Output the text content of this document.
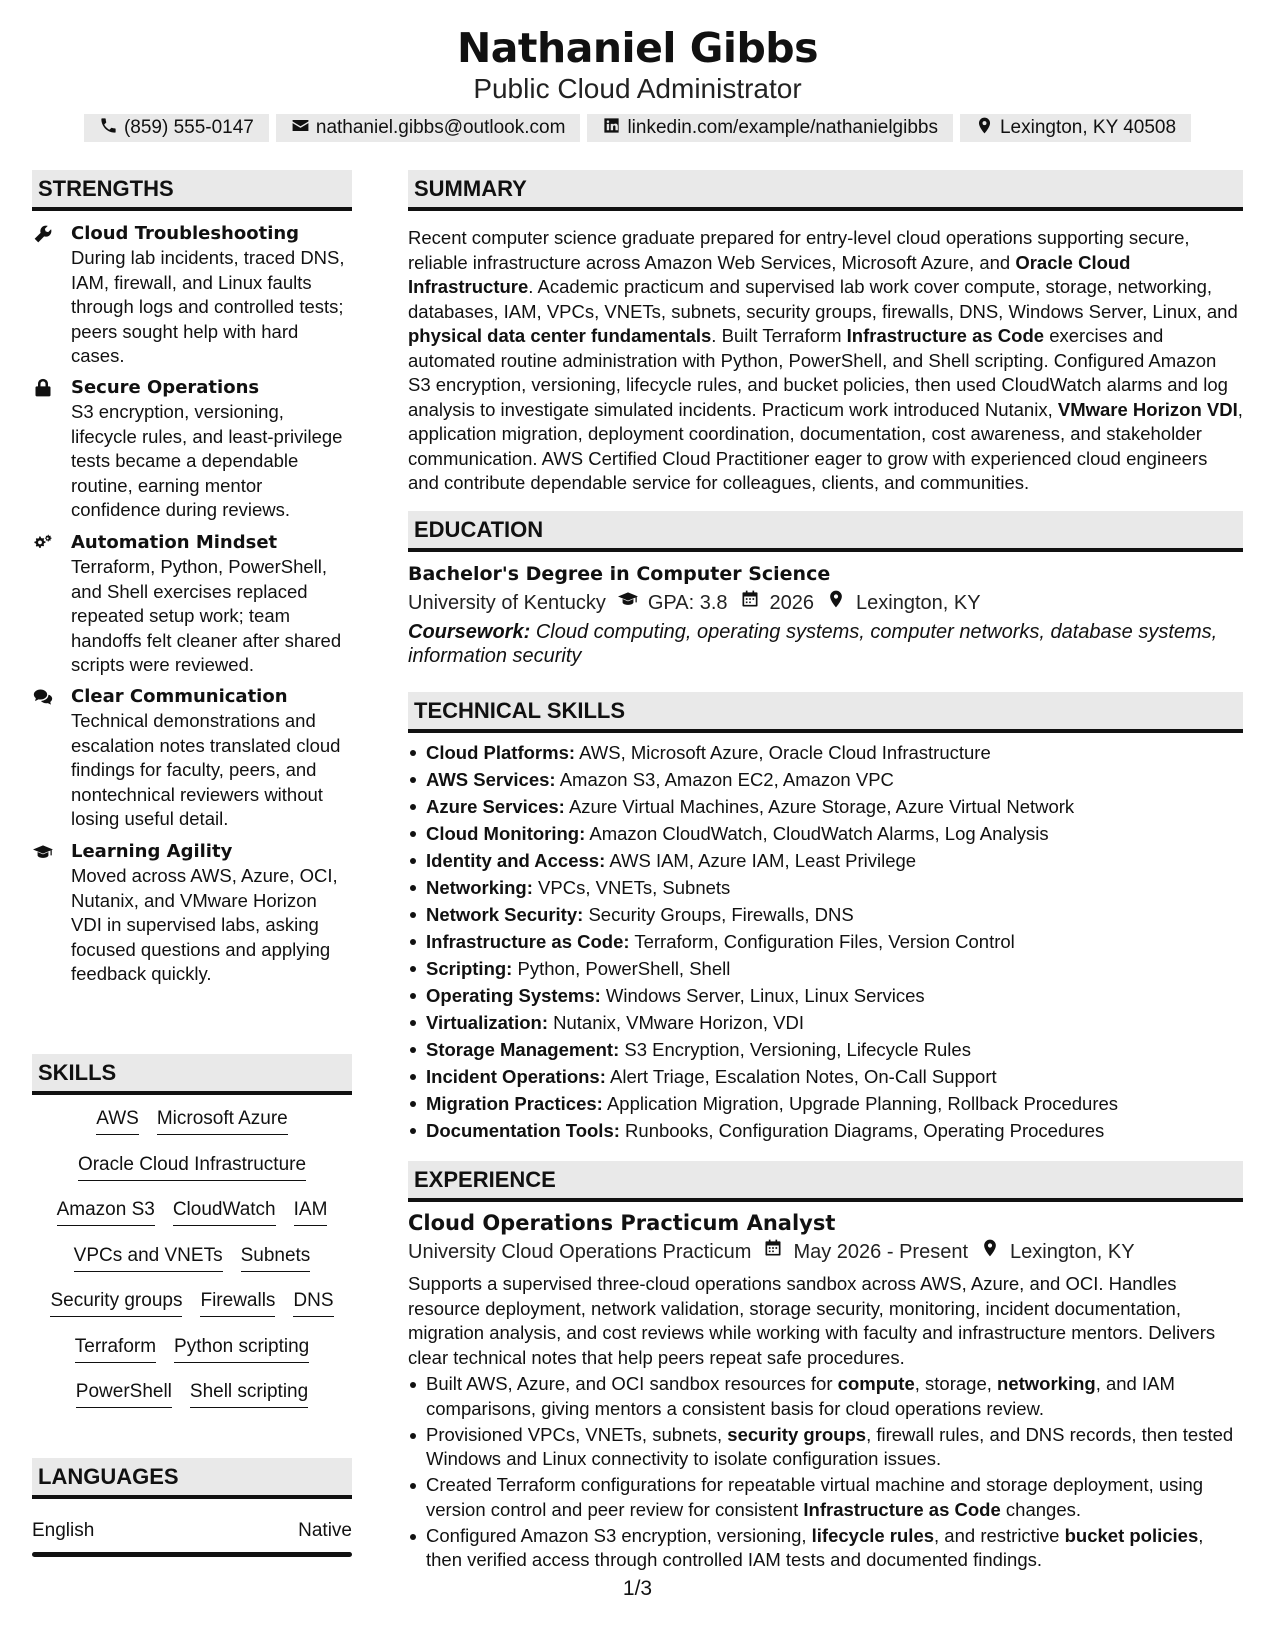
Nathaniel Gibbs
Public Cloud Administrator
(859) 555-0147	nathaniel.gibbs@outlook.com	linkedin.com/example/nathanielgibbs	Lexington, KY 40508
STRENGTHS
Cloud Troubleshooting
During lab incidents, traced DNS, IAM, firewall, and Linux faults through logs and controlled tests; peers sought help with hard cases.
Secure Operations
S3 encryption, versioning, lifecycle rules, and least-privilege tests became a dependable routine, earning mentor confidence during reviews.
Automation Mindset
Terraform, Python, PowerShell, and Shell exercises replaced repeated setup work; team handoffs felt cleaner after shared scripts were reviewed.
Clear Communication
Technical demonstrations and escalation notes translated cloud findings for faculty, peers, and nontechnical reviewers without losing useful detail.
Learning Agility
Moved across AWS, Azure, OCI, Nutanix, and VMware Horizon VDI in supervised labs, asking focused questions and applying feedback quickly.
SKILLS
AWS Microsoft Azure
Oracle Cloud Infrastructure
Amazon S3 CloudWatch IAM
VPCs and VNETs Subnets
Security groups Firewalls DNS
Terraform Python scripting
PowerShell Shell scripting
LANGUAGES
English	Native
SUMMARY
Recent computer science graduate prepared for entry-level cloud operations supporting secure, reliable infrastructure across Amazon Web Services, Microsoft Azure, and Oracle Cloud Infrastructure. Academic practicum and supervised lab work cover compute, storage, networking, databases, IAM, VPCs, VNETs, subnets, security groups, firewalls, DNS, Windows Server, Linux, and physical data center fundamentals. Built Terraform Infrastructure as Code exercises and automated routine administration with Python, PowerShell, and Shell scripting. Configured Amazon S3 encryption, versioning, lifecycle rules, and bucket policies, then used CloudWatch alarms and log analysis to investigate simulated incidents. Practicum work introduced Nutanix, VMware Horizon VDI, application migration, deployment coordination, documentation, cost awareness, and stakeholder communication. AWS Certified Cloud Practitioner eager to grow with experienced cloud engineers and contribute dependable service for colleagues, clients, and communities.
EDUCATION
Bachelor's Degree in Computer Science
University of Kentucky GPA: 3.8 2026 Lexington, KY
Coursework: Cloud computing, operating systems, computer networks, database systems, information security
TECHNICAL SKILLS
Cloud Platforms: AWS, Microsoft Azure, Oracle Cloud Infrastructure
AWS Services: Amazon S3, Amazon EC2, Amazon VPC
Azure Services: Azure Virtual Machines, Azure Storage, Azure Virtual Network
Cloud Monitoring: Amazon CloudWatch, CloudWatch Alarms, Log Analysis
Identity and Access: AWS IAM, Azure IAM, Least Privilege
Networking: VPCs, VNETs, Subnets
Network Security: Security Groups, Firewalls, DNS
Infrastructure as Code: Terraform, Configuration Files, Version Control
Scripting: Python, PowerShell, Shell
Operating Systems: Windows Server, Linux, Linux Services
Virtualization: Nutanix, VMware Horizon, VDI
Storage Management: S3 Encryption, Versioning, Lifecycle Rules
Incident Operations: Alert Triage, Escalation Notes, On-Call Support
Migration Practices: Application Migration, Upgrade Planning, Rollback Procedures
Documentation Tools: Runbooks, Configuration Diagrams, Operating Procedures
EXPERIENCE
Cloud Operations Practicum Analyst
University Cloud Operations Practicum May 2026 - Present Lexington, KY
Supports a supervised three-cloud operations sandbox across AWS, Azure, and OCI. Handles resource deployment, network validation, storage security, monitoring, incident documentation, migration analysis, and cost reviews while working with faculty and infrastructure mentors. Delivers clear technical notes that help peers repeat safe procedures.
Built AWS, Azure, and OCI sandbox resources for compute, storage, networking, and IAM comparisons, giving mentors a consistent basis for cloud operations review.
Provisioned VPCs, VNETs, subnets, security groups, firewall rules, and DNS records, then tested Windows and Linux connectivity to isolate configuration issues.
Created Terraform configurations for repeatable virtual machine and storage deployment, using version control and peer review for consistent Infrastructure as Code changes.
Configured Amazon S3 encryption, versioning, lifecycle rules, and restrictive bucket policies, then verified access through controlled IAM tests and documented findings.
1/3
